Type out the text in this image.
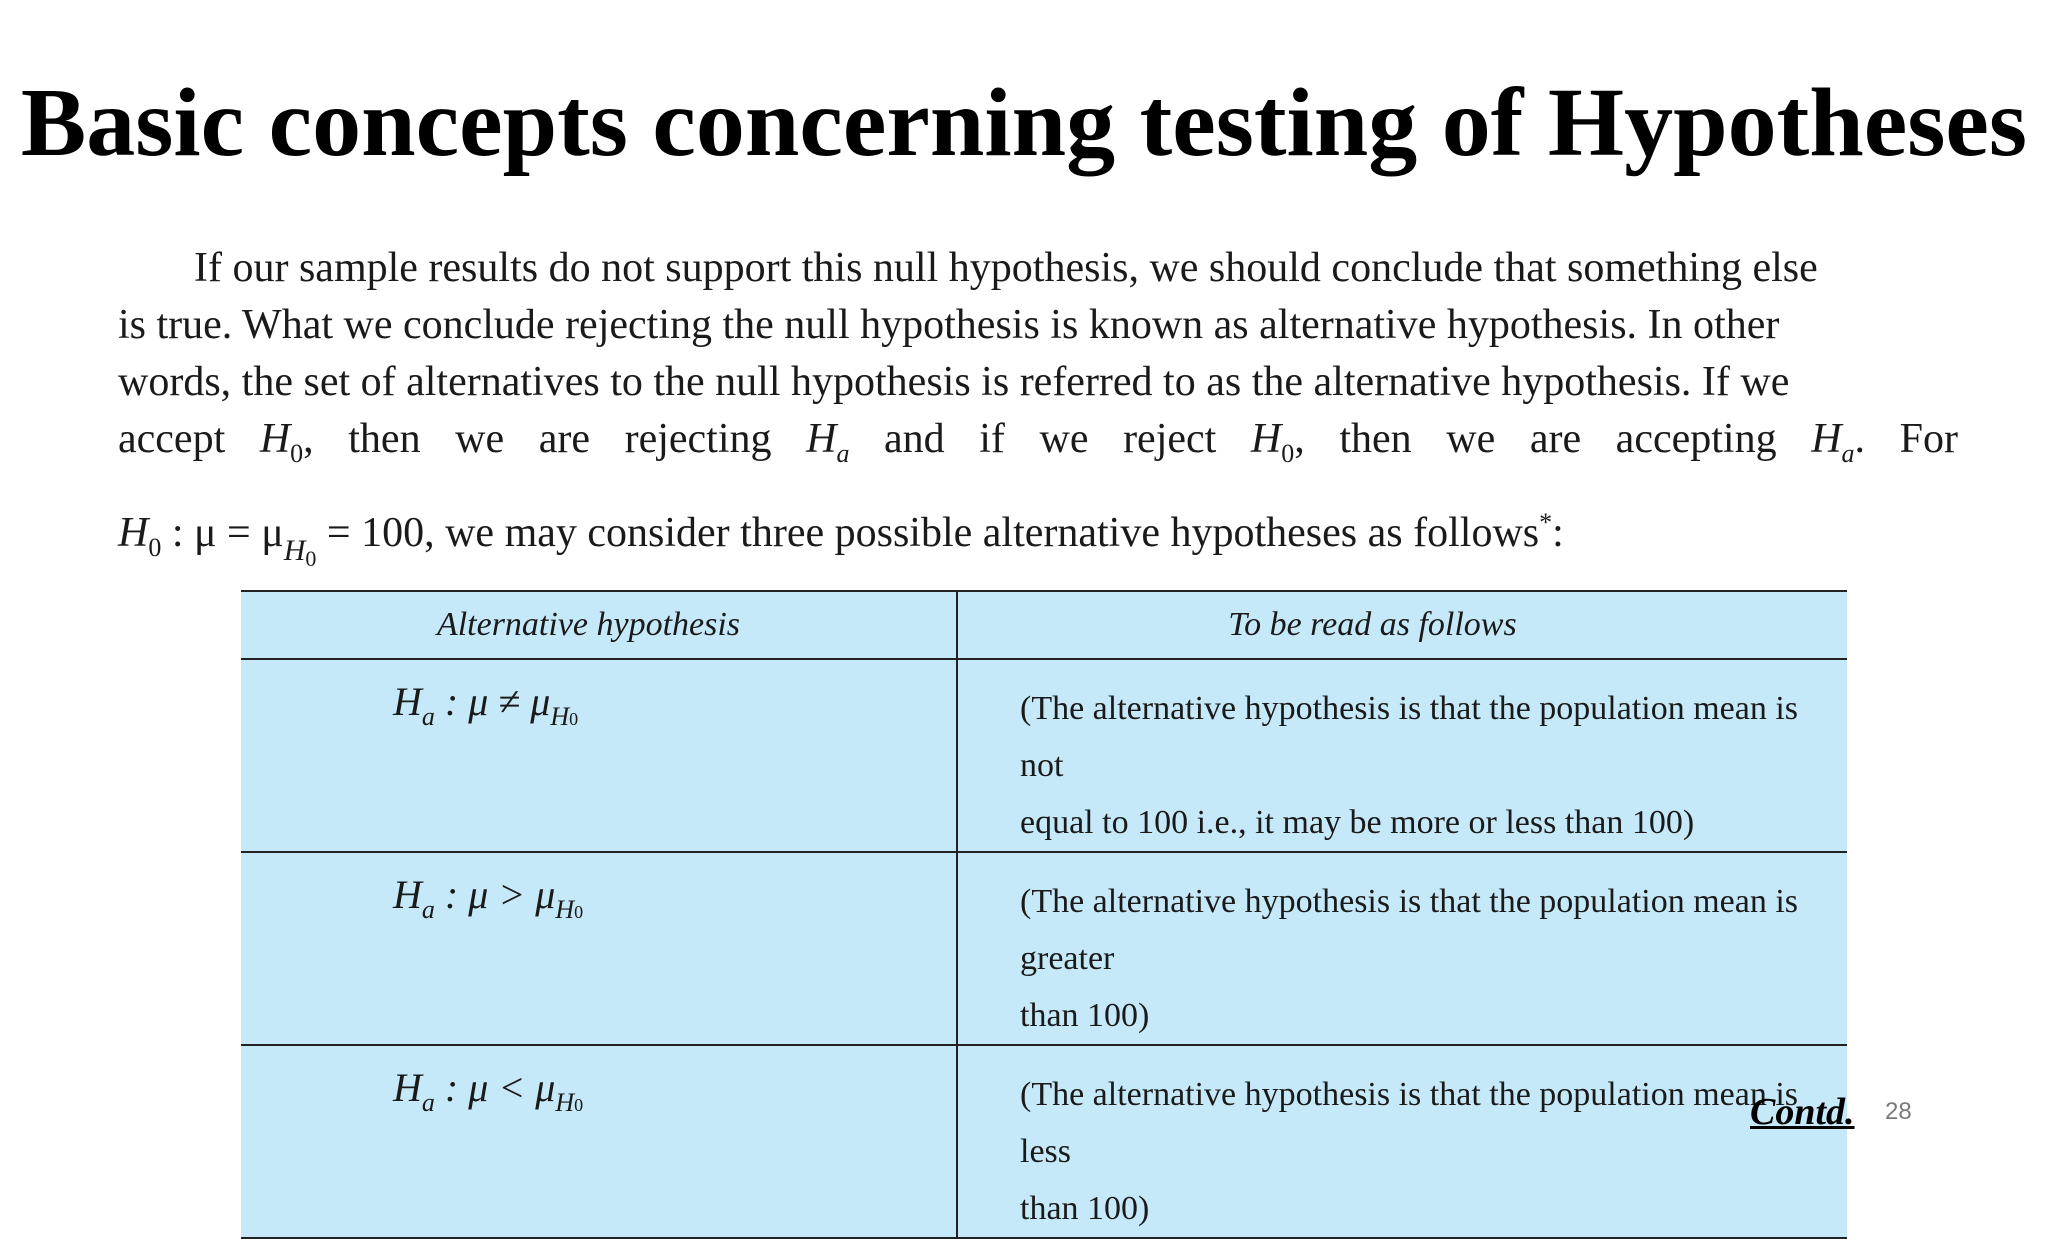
Basic concepts concerning testing of Hypotheses
If our sample results do not support this null hypothesis, we should conclude that something else
is true. What we conclude rejecting the null hypothesis is known as alternative hypothesis. In other
words, the set of alternatives to the null hypothesis is referred to as the alternative hypothesis. If we
accept $H_0$, then we are rejecting $H_a$ and if we reject $H_0$, then we are accepting $H_a$. For
$H_0$ : $\mu = \mu_{H_0} = 100$, we may consider three possible alternative hypotheses as follows*:
Alternative hypothesis	To be read as follows
$H_a$ : $\mu \ne \mu_{H0}$	(The alternative hypothesis is that the population mean is not
equal to 100 i.e., it may be more or less than 100)

$H_a$ : $\mu > \mu_{H0}$	(The alternative hypothesis is that the population mean is greater
than 100)

$H_a$ : $\mu < \mu_{H0}$	(The alternative hypothesis is that the population mean is less
than 100)
Contd. 28
